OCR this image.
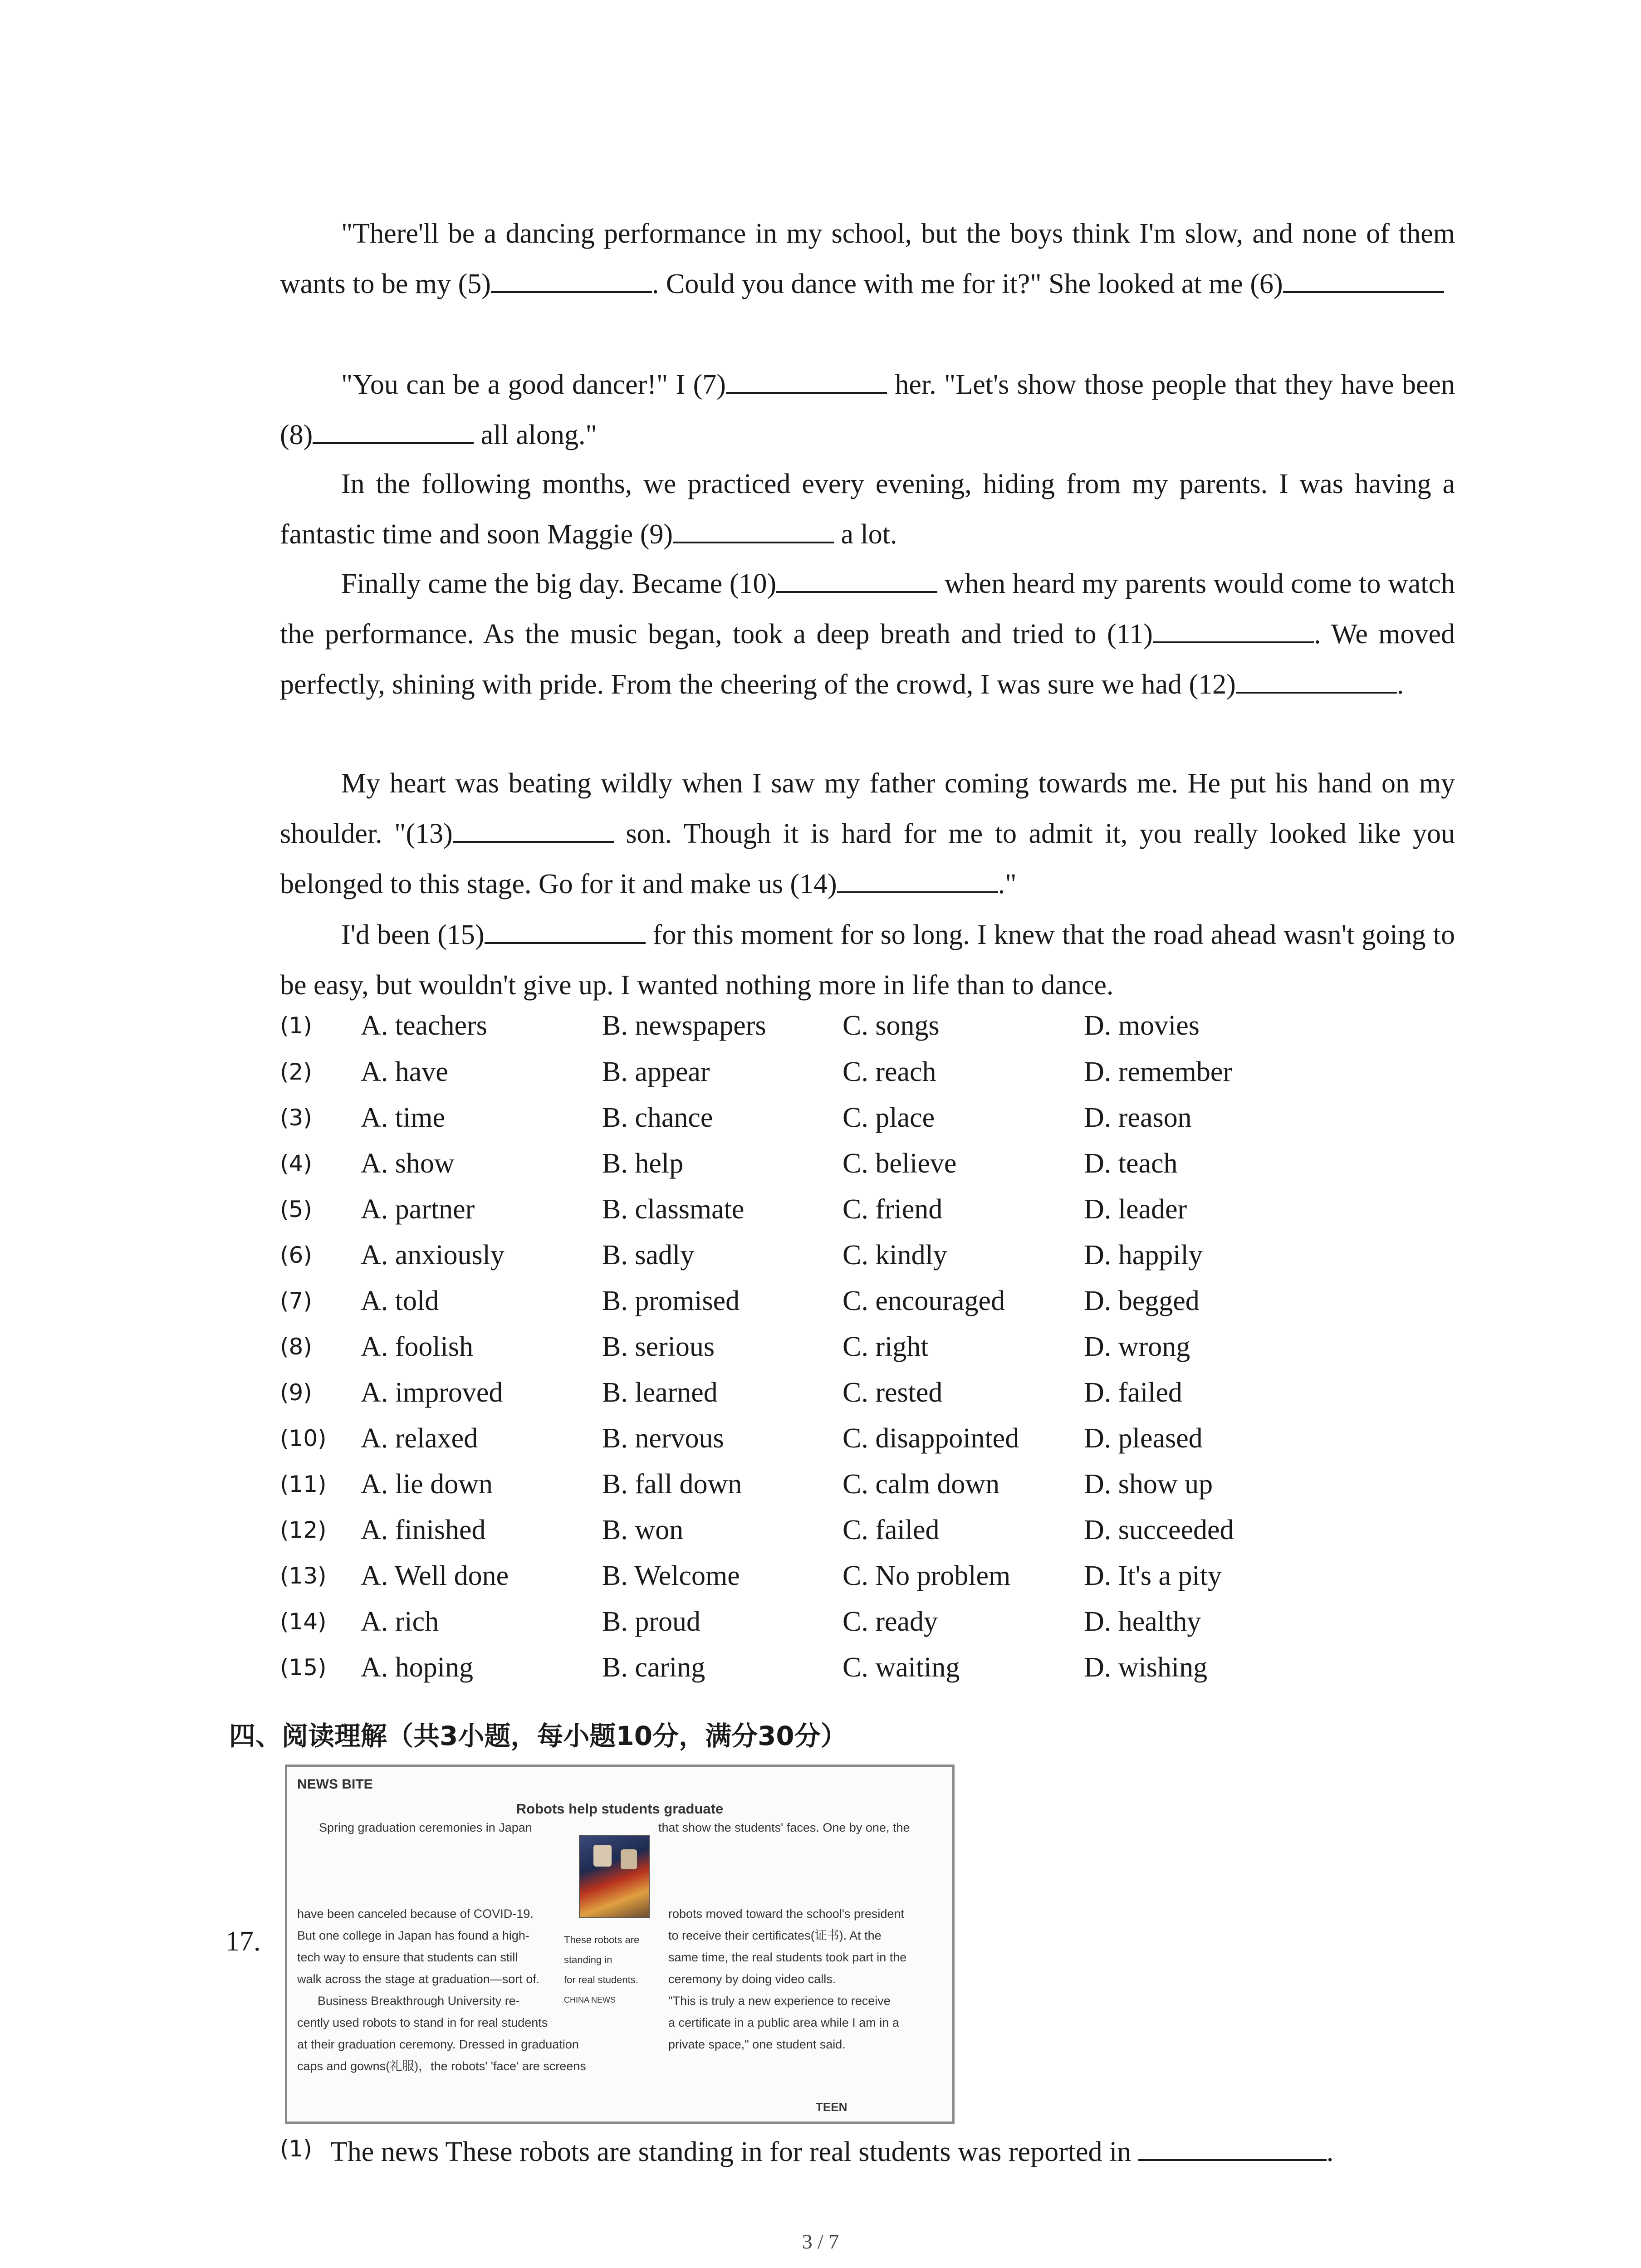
"There'll be a dancing performance in my school, but the boys think I'm slow, and none of them wants to be my (5)	. Could you dance with me for it?" She looked at me (6)

"You can be a good dancer!" I (7)	her. "Let's show those people that they have been (8)	all along."

In the following months, we practiced every evening, hiding from my parents. I was having a fantastic time and soon Maggie (9)	a lot.

Finally came the big day. Became (10)	when heard my parents would come to watch the performance. As the music began, took a deep breath and tried to (11)	. We moved perfectly, shining with pride. From the cheering of the crowd, I was sure we had (12)	.

My heart was beating wildly when I saw my father coming towards me. He put his hand on my shoulder. "(13)	son. Though it is hard for me to admit it, you really looked like you belonged to this stage. Go for it and make us (14)	."

I'd been (15)	for this moment for so long. I knew that the road ahead wasn't going to be easy, but wouldn't give up. I wanted nothing more in life than to dance.

(1) A. teachers	B. newspapers	C. songs	D. movies
(2) A. have	B. appear	C. reach	D. remember
(3) A. time	B. chance	C. place	D. reason
(4) A. show	B. help	C. believe	D. teach
(5) A. partner	B. classmate	C. friend	D. leader
(6) A. anxiously	B. sadly	C. kindly	D. happily
(7) A. told	B. promised	C. encouraged	D. begged
(8) A. foolish	B. serious	C. right	D. wrong
(9) A. improved	B. learned	C. rested	D. failed
(10) A. relaxed	B. nervous	C. disappointed D. pleased
(11) A. lie down	B. fall down	C. calm down	D. show up
(12) A. finished	B. won	C. failed	D. succeeded
(13) A. Well done	B. Welcome	C. No problem	D. It's a pity
(14) A. rich	B. proud	C. ready	D. healthy
(15) A. hoping	B. caring	C. waiting	D. wishing
四、阅读理解（共3小题，每小题10分，满分30分）
17.
NEWS BITE
Robots help students graduate
Spring graduation ceremonies in Japan	that show the students' faces. One by one, the
have been canceled because of COVID-19.
But one college in Japan has found a high-
tech way to ensure that students can still
walk across the stage at graduation—sort of.
Business Breakthrough University re-
cently used robots to stand in for real students
at their graduation ceremony. Dressed in graduation
caps and gowns(礼服)，the robots' 'face' are screens
These robots are
standing in
for real students.
CHINA NEWS
robots moved toward the school's president
to receive their certificates(证书). At the
same time, the real students took part in the
ceremony by doing video calls.
"This is truly a new experience to receive
a certificate in a public area while I am in a
private space," one student said.
TEEN
(1) The news These robots are standing in for real students was reported in	.
3 / 7
